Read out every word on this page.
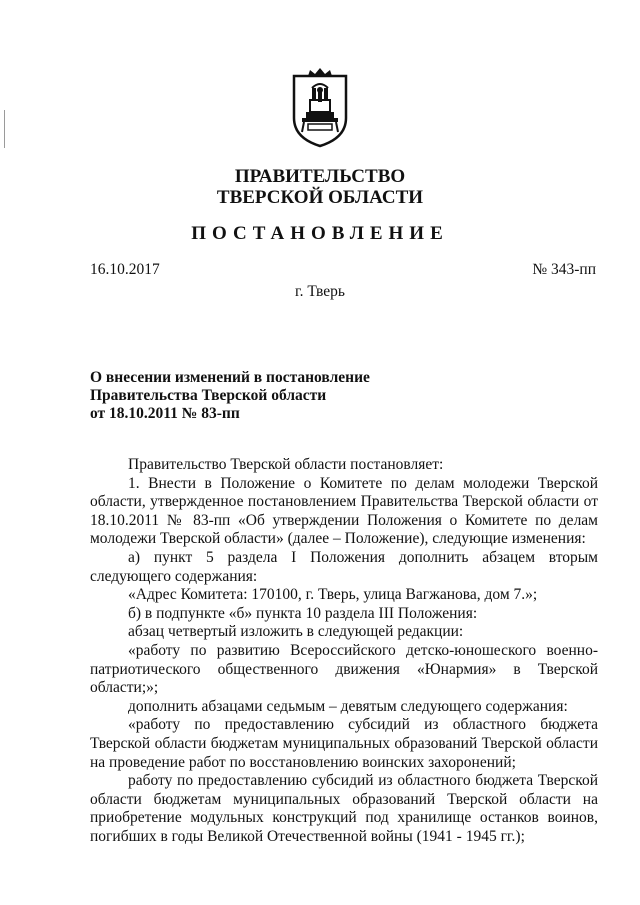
ПРАВИТЕЛЬСТВО
ТВЕРСКОЙ ОБЛАСТИ
ПОСТАНОВЛЕНИЕ
16.10.2017	№ 343-пп
г. Тверь
О внесении изменений в постановление
Правительства Тверской области
от 18.10.2011 № 83-пп

Правительство Тверской области постановляет:

1. Внести в Положение о Комитете по делам молодежи Тверской области, утвержденное постановлением Правительства Тверской области от 18.10.2011 № 83-пп «Об утверждении Положения о Комитете по делам молодежи Тверской области» (далее – Положение), следующие изменения:

а) пункт 5 раздела I Положения дополнить абзацем вторым следующего содержания:

«Адрес Комитета: 170100, г. Тверь, улица Вагжанова, дом 7.»;

б) в подпункте «б» пункта 10 раздела III Положения:

абзац четвертый изложить в следующей редакции:

«работу по развитию Всероссийского детско-юношеского военно-патриотического общественного движения «Юнармия» в Тверской области;»;

дополнить абзацами седьмым – девятым следующего содержания:

«работу по предоставлению субсидий из областного бюджета Тверской области бюджетам муниципальных образований Тверской области на проведение работ по восстановлению воинских захоронений;

работу по предоставлению субсидий из областного бюджета Тверской области бюджетам муниципальных образований Тверской области на приобретение модульных конструкций под хранилище останков воинов, погибших в годы Великой Отечественной войны (1941 - 1945 гг.);
